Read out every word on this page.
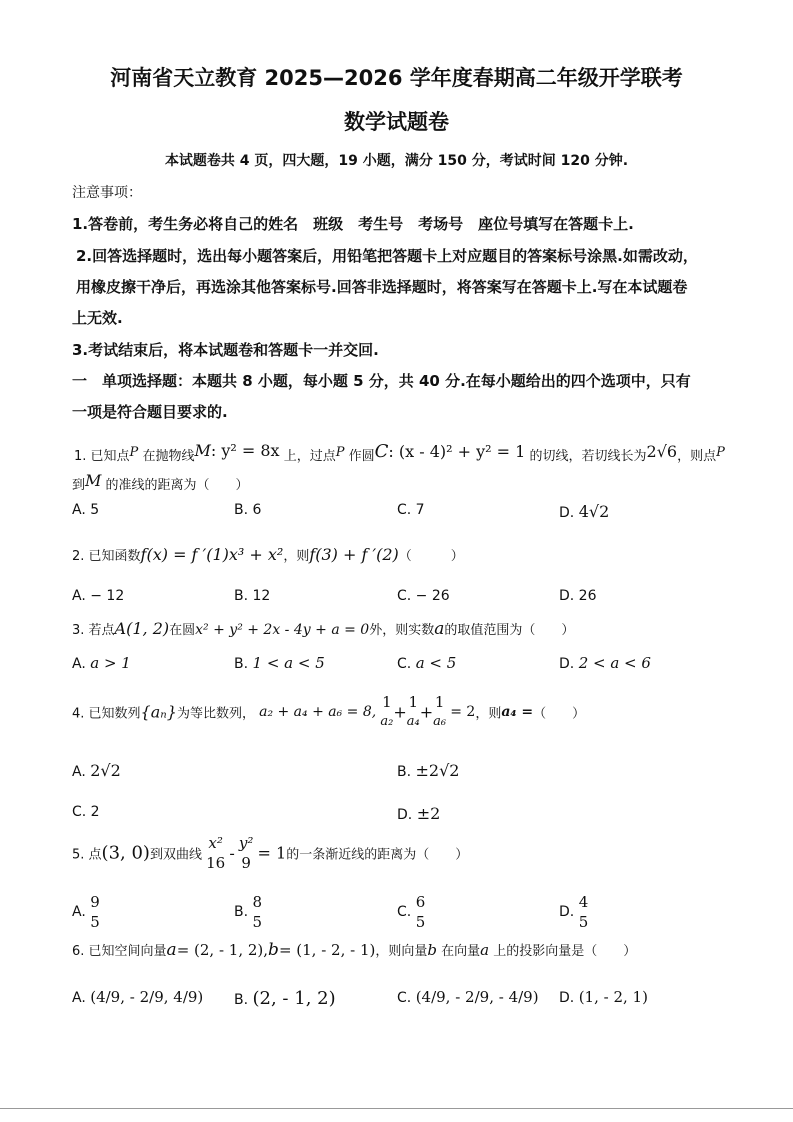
河南省天立教育 2025—2026 学年度春期高二年级开学联考
数学试题卷
本试题卷共 4 页，四大题，19 小题，满分 150 分，考试时间 120 分钟.
注意事项：
1.答卷前，考生务必将自己的姓名　班级　考生号　考场号　座位号填写在答题卡上.
2.回答选择题时，选出每小题答案后，用铅笔把答题卡上对应题目的答案标号涂黑.如需改动，
用橡皮擦干净后，再选涂其他答案标号.回答非选择题时，将答案写在答题卡上.写在本试题卷
上无效.
3.考试结束后，将本试题卷和答题卡一并交回.
一　单项选择题：本题共 8 小题，每小题 5 分，共 40 分.在每小题给出的四个选项中，只有
一项是符合题目要求的.
1. 已知点P 在抛物线M: y² = 8x 上，过点P 作圆C: (x - 4)² + y² = 1 的切线，若切线长为2√6，则点P
到M 的准线的距离为（　　）
A. 5	B. 6	C. 7	D. 4√2
2. 已知函数f(x) = f ′(1)x³ + x²，则f(3) + f ′(2)（　　　）
A. − 12	B. 12	C. − 26	D. 26
3. 若点A(1, 2)在圆x² + y² + 2x - 4y + a = 0外，则实数a的取值范围为（　　）
A. a > 1	B. 1 < a < 5	C. a < 5	D. 2 < a < 6
4. 已知数列{aₙ}为等比数列， a₂ + a₄ + a₆ = 8,
1
a₂ +
1
a₄ +
1
a₆
= 2，则a₄ =（　　）
A. 2√2	B. ±2√2
C. 2	D. ±2
5. 点(3, 0)到双曲线
x²
16
-
y²
9
= 1的一条渐近线的距离为（　　）
A.
9
5
B.
8
5
C.
6
5
D.
4
5
6. 已知空间向量a= (2, - 1, 2),b= (1, - 2, - 1)，则向量b 在向量a 上的投影向量是（　　）
A. (4/9, - 2/9, 4/9) B. (2, - 1, 2)	C. (4/9, - 2/9, - 4/9) D. (1, - 2, 1)
